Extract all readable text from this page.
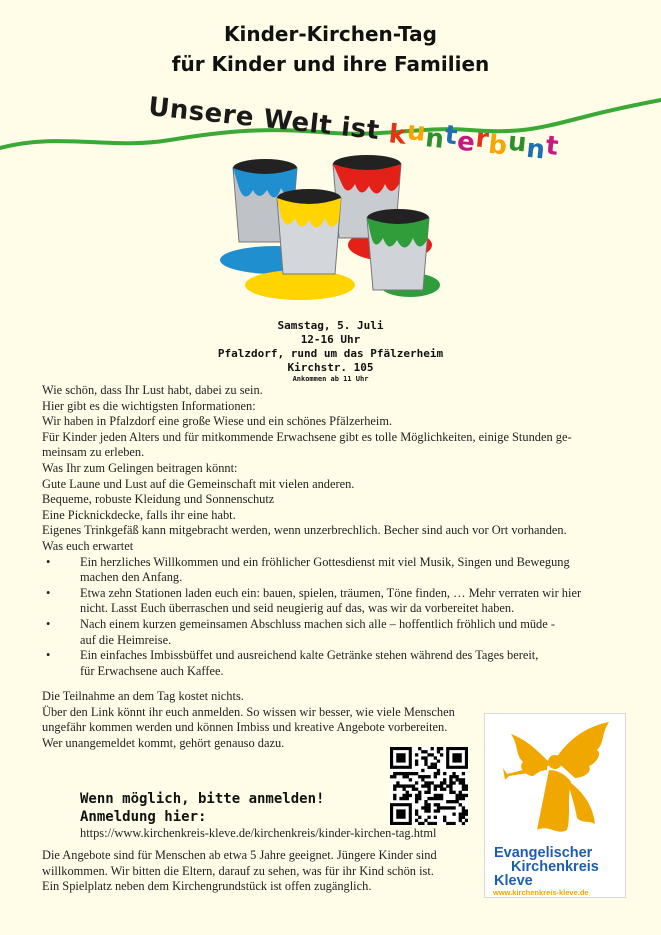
Kinder-Kirchen-Tag
für Kinder und ihre Familien
Unsere Welt ist kunterbunt
Samstag, 5. Juli
12-16 Uhr
Pfalzdorf, rund um das Pfälzerheim
Kirchstr. 105
Ankommen ab 11 Uhr

Wie schön, dass Ihr Lust habt, dabei zu sein.

Hier gibt es die wichtigsten Informationen:

Wir haben in Pfalzdorf eine große Wiese und ein schönes Pfälzerheim.

Für Kinder jeden Alters und für mitkommende Erwachsene gibt es tolle Möglichkeiten, einige Stunden ge-
meinsam zu erleben.

Was Ihr zum Gelingen beitragen könnt:

Gute Laune und Lust auf die Gemeinschaft mit vielen anderen.

Bequeme, robuste Kleidung und Sonnenschutz

Eine Picknickdecke, falls ihr eine habt.

Eigenes Trinkgefäß kann mitgebracht werden, wenn unzerbrechlich. Becher sind auch vor Ort vorhanden.

Was euch erwartet

• Ein herzliches Willkommen und ein fröhlicher Gottesdienst mit viel Musik, Singen und Bewegung
machen den Anfang.
• Etwa zehn Stationen laden euch ein: bauen, spielen, träumen, Töne finden, … Mehr verraten wir hier
nicht. Lasst Euch überraschen und seid neugierig auf das, was wir da vorbereitet haben.
• Nach einem kurzen gemeinsamen Abschluss machen sich alle – hoffentlich fröhlich und müde -
auf die Heimreise.
• Ein einfaches Imbissbüffet und ausreichend kalte Getränke stehen während des Tages bereit,
für Erwachsene auch Kaffee.

Die Teilnahme an dem Tag kostet nichts.

Über den Link könnt ihr euch anmelden. So wissen wir besser, wie viele Menschen
ungefähr kommen werden und können Imbiss und kreative Angebote vorbereiten.

Wer unangemeldet kommt, gehört genauso dazu.

Wenn möglich, bitte anmelden!
Anmeldung hier:
https://www.kirchenkreis-kleve.de/kirchenkreis/kinder-kirchen-tag.html

Die Angebote sind für Menschen ab etwa 5 Jahre geeignet. Jüngere Kinder sind
willkommen. Wir bitten die Eltern, darauf zu sehen, was für ihr Kind schön ist.
Ein Spielplatz neben dem Kirchengrundstück ist offen zugänglich.

Evangelischer
Kirchenkreis
Kleve
www.kirchenkreis-kleve.de
